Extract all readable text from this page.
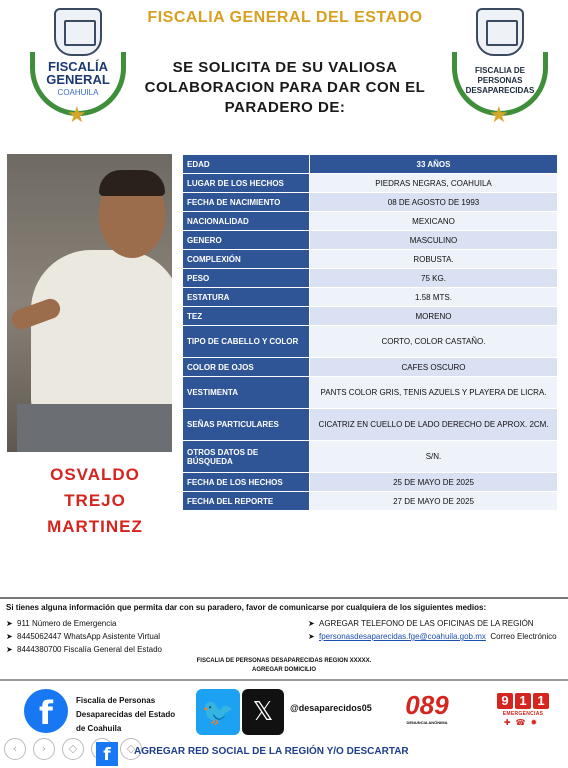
FISCALÍA
GENERAL
COAHUILA
★
FISCALIA GENERAL DEL ESTADO
SE SOLICITA DE SU VALIOSA COLABORACION PARA DAR CON EL PARADERO DE:
FISCALIA DE PERSONAS DESAPARECIDAS
★
OSVALDO
TREJO
MARTINEZ
EDAD	33 AÑOS
LUGAR DE LOS HECHOS	PIEDRAS NEGRAS, COAHUILA
FECHA DE NACIMIENTO	08 DE AGOSTO DE 1993
NACIONALIDAD	MEXICANO
GENERO	MASCULINO
COMPLEXIÓN	ROBUSTA.
PESO	75 KG.
ESTATURA	1.58 MTS.
TEZ	MORENO
TIPO DE CABELLO Y COLOR	CORTO, COLOR CASTAÑO.
COLOR DE OJOS	CAFES OSCURO
VESTIMENTA	PANTS COLOR GRIS, TENIS AZUELS Y PLAYERA DE LICRA.
SEÑAS PARTICULARES	CICATRIZ EN CUELLO DE LADO DERECHO DE APROX. 2CM.
OTROS DATOS DE BÚSQUEDA	S/N.
FECHA DE LOS HECHOS	25 DE MAYO DE 2025
FECHA DEL REPORTE	27 DE MAYO DE 2025
Si tienes alguna información que permita dar con su paradero, favor de comunicarse por cualquiera de los siguientes medios:
➤ 911 Número de Emergencia
➤ 8445062447 WhatsApp Asistente Virtual
➤ 8444380700 Fiscalía General del Estado
➤ AGREGAR TELEFONO DE LAS OFICINAS DE LA REGIÓN
➤ fpersonasdesaparecidas.fge@coahuila.gob.mx Correo Electrónico
FISCALIA DE PERSONAS DESAPARECIDAS REGION XXXXX.
AGREGAR DOMICILIO
f	Fiscalía de Personas Desaparecidas del Estado de Coahuila
🐦 𝕏	@desaparecidos05 089
DENUNCIA ANÓNIMA
9 1 1
EMERGENCIAS
✚☎✹
‹	›	◇	◇
f	AGREGAR RED SOCIAL DE LA REGIÓN Y/O DESCARTAR
